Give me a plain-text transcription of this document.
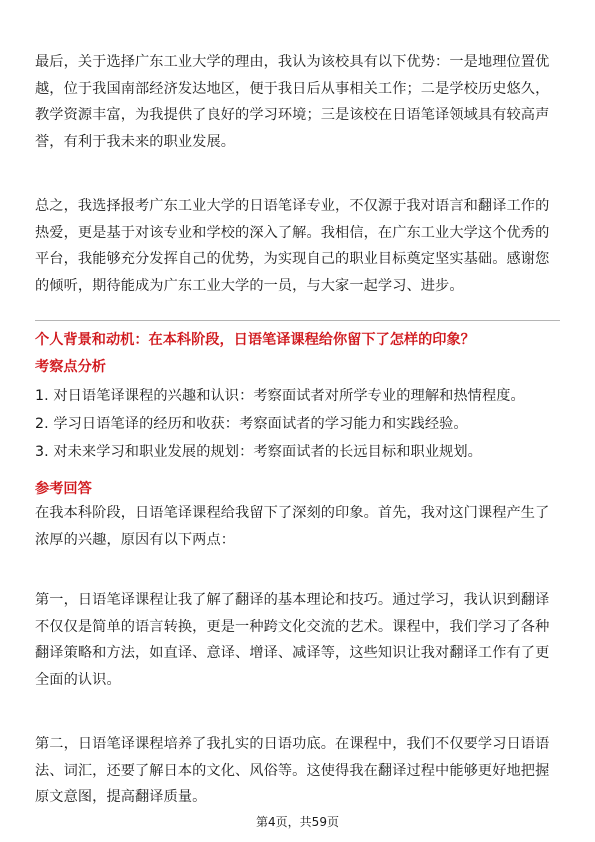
最后，关于选择广东工业大学的理由，我认为该校具有以下优势：一是地理位置优越，位于我国南部经济发达地区，便于我日后从事相关工作；二是学校历史悠久，教学资源丰富，为我提供了良好的学习环境；三是该校在日语笔译领域具有较高声誉，有利于我未来的职业发展。

总之，我选择报考广东工业大学的日语笔译专业，不仅源于我对语言和翻译工作的热爱，更是基于对该专业和学校的深入了解。我相信，在广东工业大学这个优秀的平台，我能够充分发挥自己的优势，为实现自己的职业目标奠定坚实基础。感谢您的倾听，期待能成为广东工业大学的一员，与大家一起学习、进步。

个人背景和动机：在本科阶段，日语笔译课程给你留下了怎样的印象？
考察点分析

1. 对日语笔译课程的兴趣和认识：考察面试者对所学专业的理解和热情程度。

2. 学习日语笔译的经历和收获：考察面试者的学习能力和实践经验。

3. 对未来学习和职业发展的规划：考察面试者的长远目标和职业规划。

参考回答

在我本科阶段，日语笔译课程给我留下了深刻的印象。首先，我对这门课程产生了浓厚的兴趣，原因有以下两点：

第一，日语笔译课程让我了解了翻译的基本理论和技巧。通过学习，我认识到翻译不仅仅是简单的语言转换，更是一种跨文化交流的艺术。课程中，我们学习了各种翻译策略和方法，如直译、意译、增译、减译等，这些知识让我对翻译工作有了更全面的认识。

第二，日语笔译课程培养了我扎实的日语功底。在课程中，我们不仅要学习日语语法、词汇，还要了解日本的文化、风俗等。这使得我在翻译过程中能够更好地把握原文意图，提高翻译质量。

第4页，共59页
